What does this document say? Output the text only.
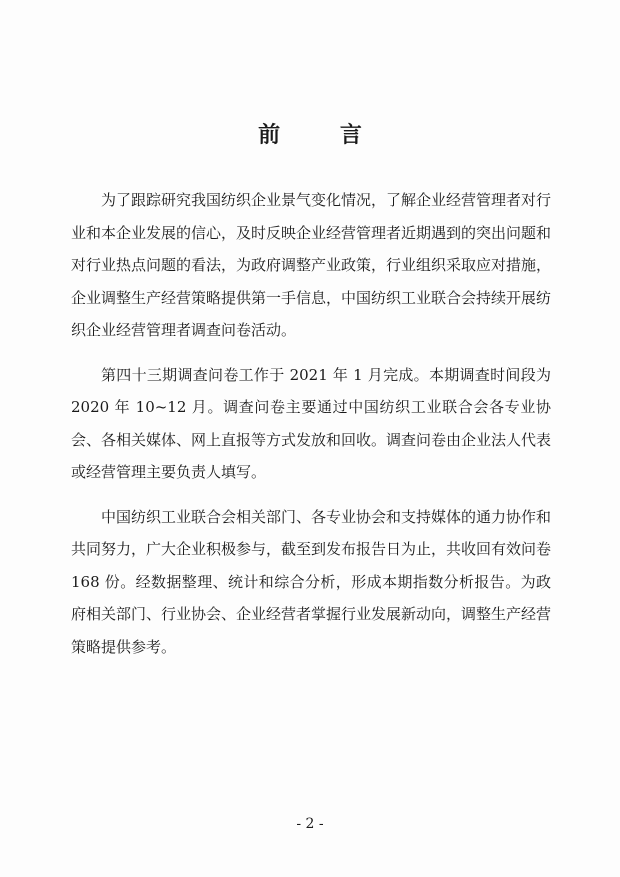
前 言

为了跟踪研究我国纺织企业景气变化情况，了解企业经营管理者对行业和本企业发展的信心，及时反映企业经营管理者近期遇到的突出问题和对行业热点问题的看法，为政府调整产业政策，行业组织采取应对措施，企业调整生产经营策略提供第一手信息，中国纺织工业联合会持续开展纺织企业经营管理者调查问卷活动。

第四十三期调查问卷工作于 2021 年 1 月完成。本期调查时间段为2020 年 10~12 月。调查问卷主要通过中国纺织工业联合会各专业协会、各相关媒体、网上直报等方式发放和回收。调查问卷由企业法人代表或经营管理主要负责人填写。

中国纺织工业联合会相关部门、各专业协会和支持媒体的通力协作和共同努力，广大企业积极参与，截至到发布报告日为止，共收回有效问卷 168 份。经数据整理、统计和综合分析，形成本期指数分析报告。为政府相关部门、行业协会、企业经营者掌握行业发展新动向，调整生产经营策略提供参考。

- 2 -
